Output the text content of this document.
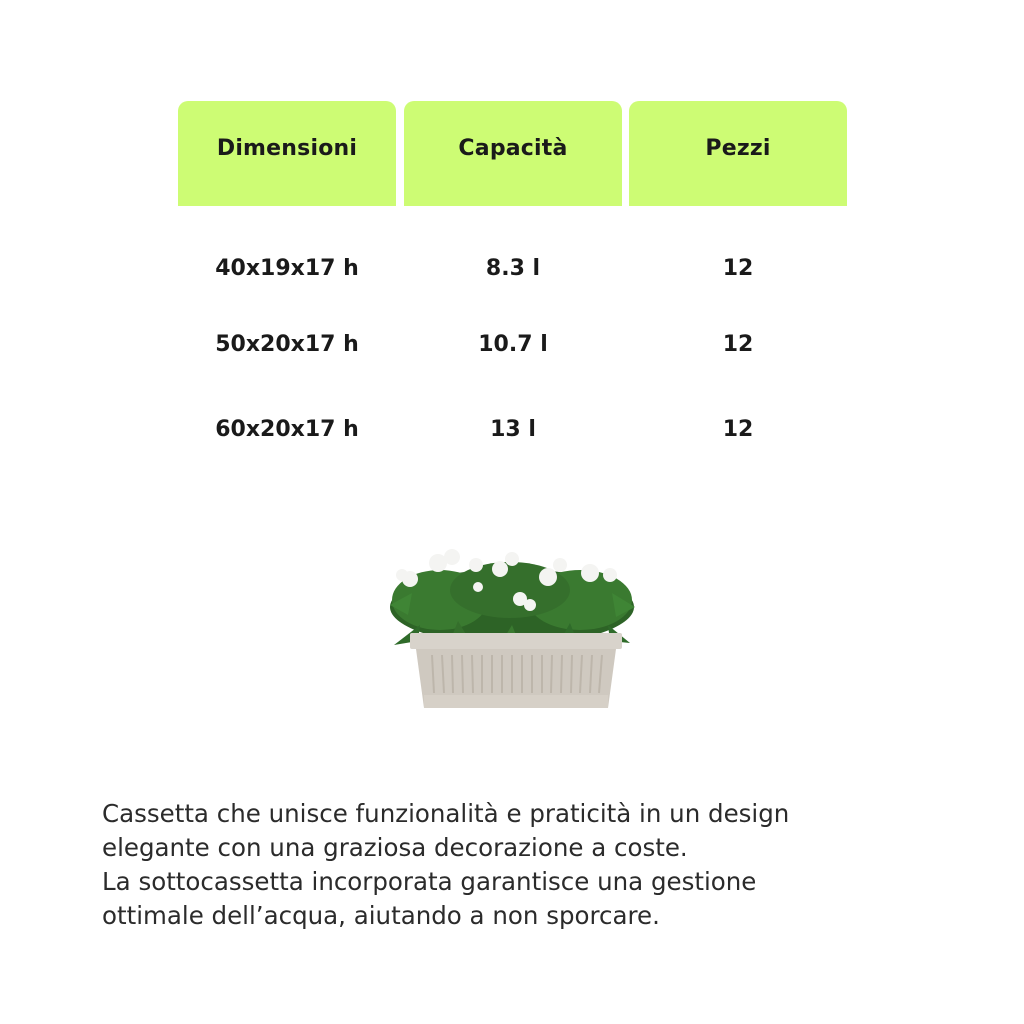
Dimensioni	Capacità	Pezzi
40x19x17 h	8.3 l	12
50x20x17 h	10.7 l	12
60x20x17 h	13 l	12

Cassetta che unisce funzionalità e praticità in un design

elegante con una graziosa decorazione a coste.

La sottocassetta incorporata garantisce una gestione

ottimale dell’acqua, aiutando a non sporcare.
